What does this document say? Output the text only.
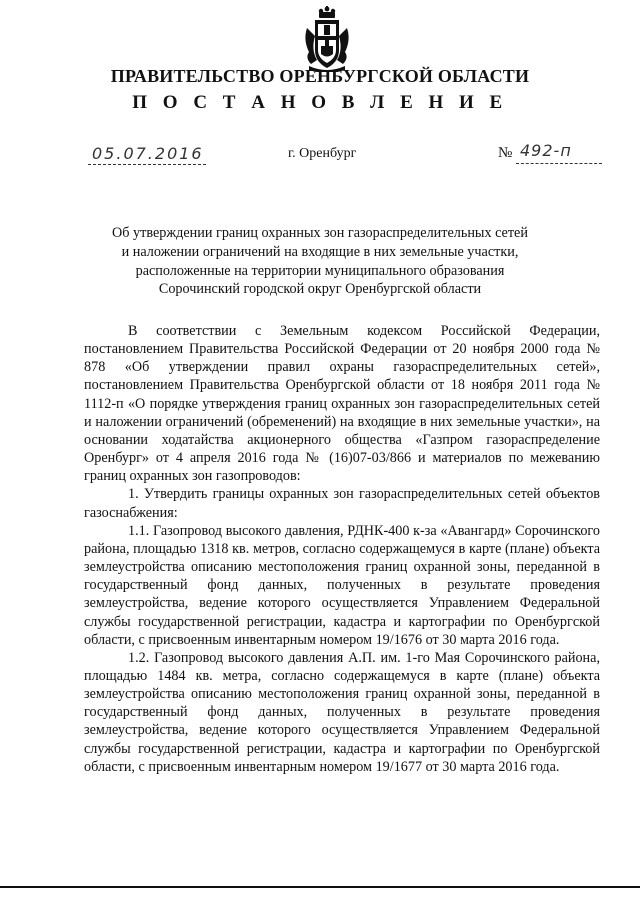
ПРАВИТЕЛЬСТВО ОРЕНБУРГСКОЙ ОБЛАСТИ
П О С Т А Н О В Л Е Н И Е
05.07.2016	г. Оренбург	№ 492-п
Об утверждении границ охранных зон газораспределительных сетей
и наложении ограничений на входящие в них земельные участки,
расположенные на территории муниципального образования
Сорочинский городской округ Оренбургской области

В соответствии с Земельным кодексом Российской Федерации, постановлением Правительства Российской Федерации от 20 ноября 2000 года № 878 «Об утверждении правил охраны газораспределительных сетей», постановлением Правительства Оренбургской области от 18 ноября 2011 года № 1112-п «О порядке утверждения границ охранных зон газораспределительных сетей и наложении ограничений (обременений) на входящие в них земельные участки», на основании ходатайства акционерного общества «Газпром газораспределение Оренбург» от 4 апреля 2016 года № (16)07-03/866 и материалов по межеванию границ охранных зон газопроводов:

1. Утвердить границы охранных зон газораспределительных сетей объектов газоснабжения:

1.1. Газопровод высокого давления, РДНК-400 к-за «Авангард» Сорочинского района, площадью 1318 кв. метров, согласно содержащемуся в карте (плане) объекта землеустройства описанию местоположения границ охранной зоны, переданной в государственный фонд данных, полученных в результате проведения землеустройства, ведение которого осуществляется Управлением Федеральной службы государственной регистрации, кадастра и картографии по Оренбургской области, с присвоенным инвентарным номером 19/1676 от 30 марта 2016 года.

1.2. Газопровод высокого давления А.П. им. 1-го Мая Сорочинского района, площадью 1484 кв. метра, согласно содержащемуся в карте (плане) объекта землеустройства описанию местоположения границ охранной зоны, переданной в государственный фонд данных, полученных в результате проведения землеустройства, ведение которого осуществляется Управлением Федеральной службы государственной регистрации, кадастра и картографии по Оренбургской области, с присвоенным инвентарным номером 19/1677 от 30 марта 2016 года.
